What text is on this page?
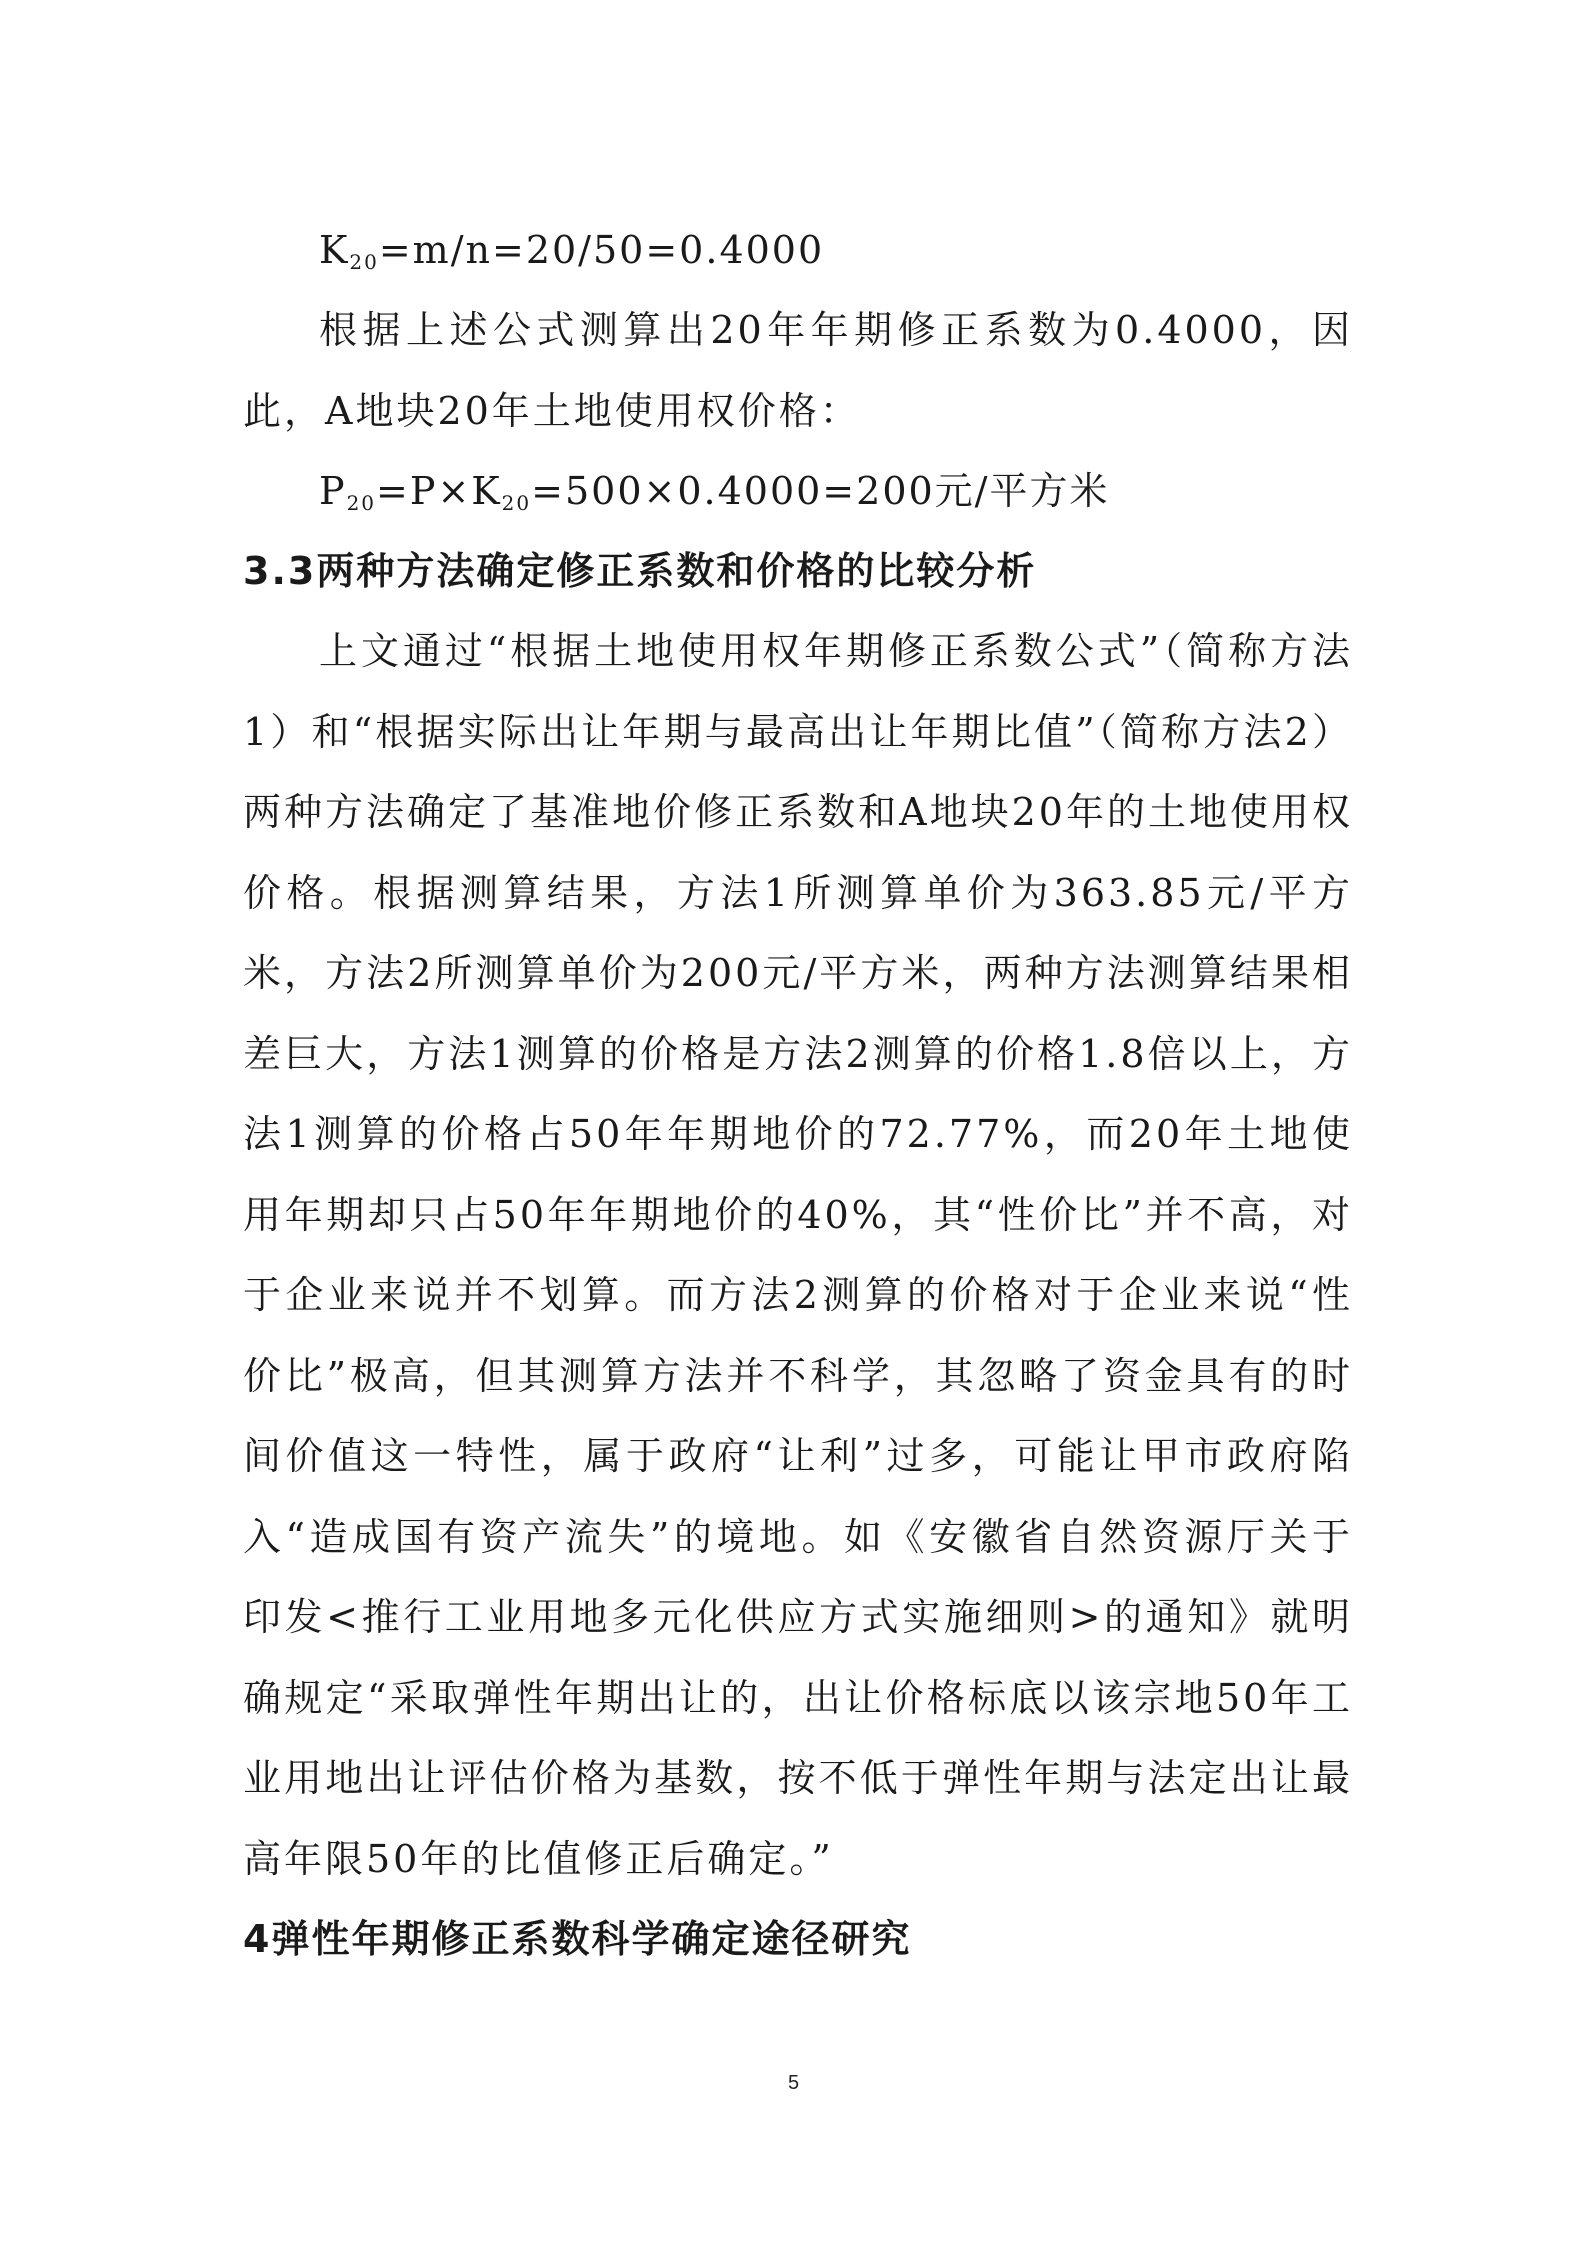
$K_{20}=m/n=20/50=0.4000$

根据上述公式测算出20年年期修正系数为0.4000，因此，A地块20年土地使用权价格：

$P_{20}=P\times K_{20}=500\times 0.4000=200$元/平方米
3.3两种方法确定修正系数和价格的比较分析

上文通过“根据土地使用权年期修正系数公式”（简称方法1）和“根据实际出让年期与最高出让年期比值”（简称方法2）两种方法确定了基准地价修正系数和A地块20年的土地使用权价格。根据测算结果，方法1所测算单价为363.85元/平方米，方法2所测算单价为200元/平方米，两种方法测算结果相差巨大，方法1测算的价格是方法2测算的价格1.8倍以上，方法1测算的价格占50年年期地价的72.77%，而20年土地使用年期却只占50年年期地价的40%，其“性价比”并不高，对于企业来说并不划算。而方法2测算的价格对于企业来说“性价比”极高，但其测算方法并不科学，其忽略了资金具有的时间价值这一特性，属于政府“让利”过多，可能让甲市政府陷入“造成国有资产流失”的境地。如《安徽省自然资源厅关于印发<推行工业用地多元化供应方式实施细则>的通知》就明确规定“采取弹性年期出让的，出让价格标底以该宗地50年工业用地出让评估价格为基数，按不低于弹性年期与法定出让最高年限50年的比值修正后确定。”

4弹性年期修正系数科学确定途径研究
5
